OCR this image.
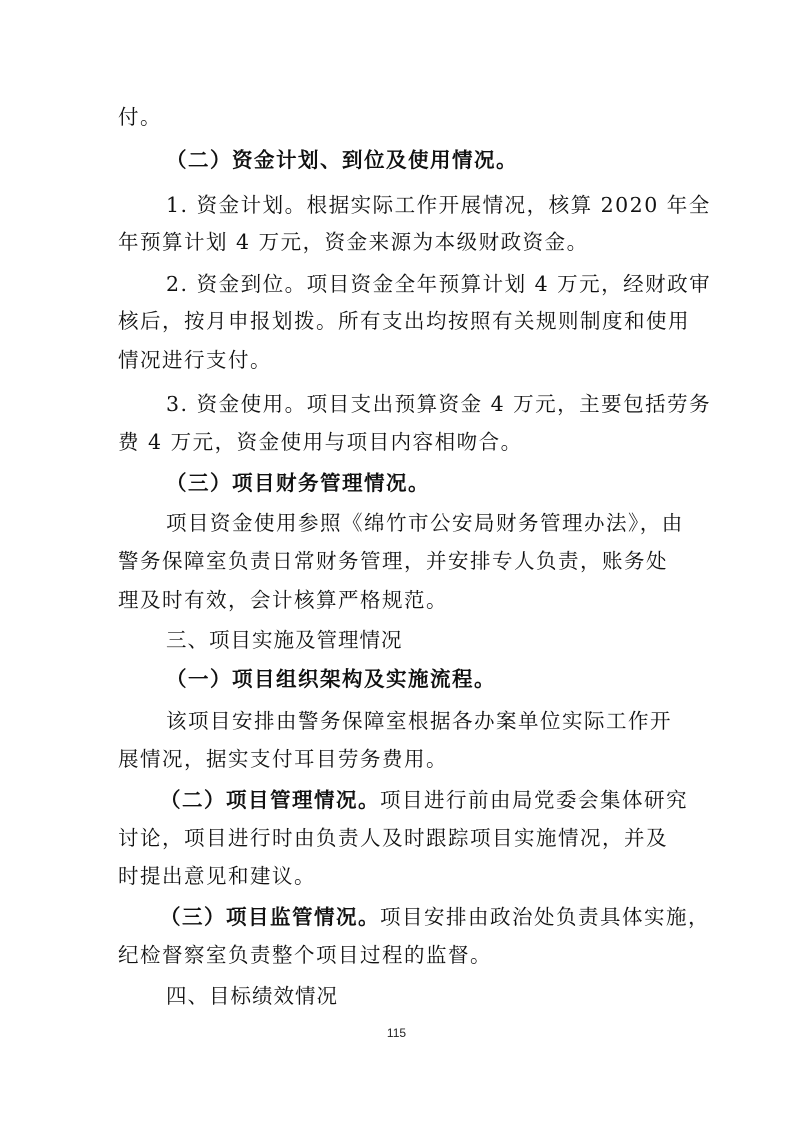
付。
（二）资金计划、到位及使用情况。
1. 资金计划。根据实际工作开展情况，核算 2020 年全
年预算计划 4 万元，资金来源为本级财政资金。
2. 资金到位。项目资金全年预算计划 4 万元，经财政审
核后，按月申报划拨。所有支出均按照有关规则制度和使用
情况进行支付。
3. 资金使用。项目支出预算资金 4 万元，主要包括劳务
费 4 万元，资金使用与项目内容相吻合。
（三）项目财务管理情况。
项目资金使用参照《绵竹市公安局财务管理办法》，由
警务保障室负责日常财务管理，并安排专人负责，账务处
理及时有效，会计核算严格规范。
三、项目实施及管理情况
（一）项目组织架构及实施流程。
该项目安排由警务保障室根据各办案单位实际工作开
展情况，据实支付耳目劳务费用。
（二）项目管理情况。项目进行前由局党委会集体研究
讨论，项目进行时由负责人及时跟踪项目实施情况，并及
时提出意见和建议。
（三）项目监管情况。项目安排由政治处负责具体实施，
纪检督察室负责整个项目过程的监督。
四、目标绩效情况
115
